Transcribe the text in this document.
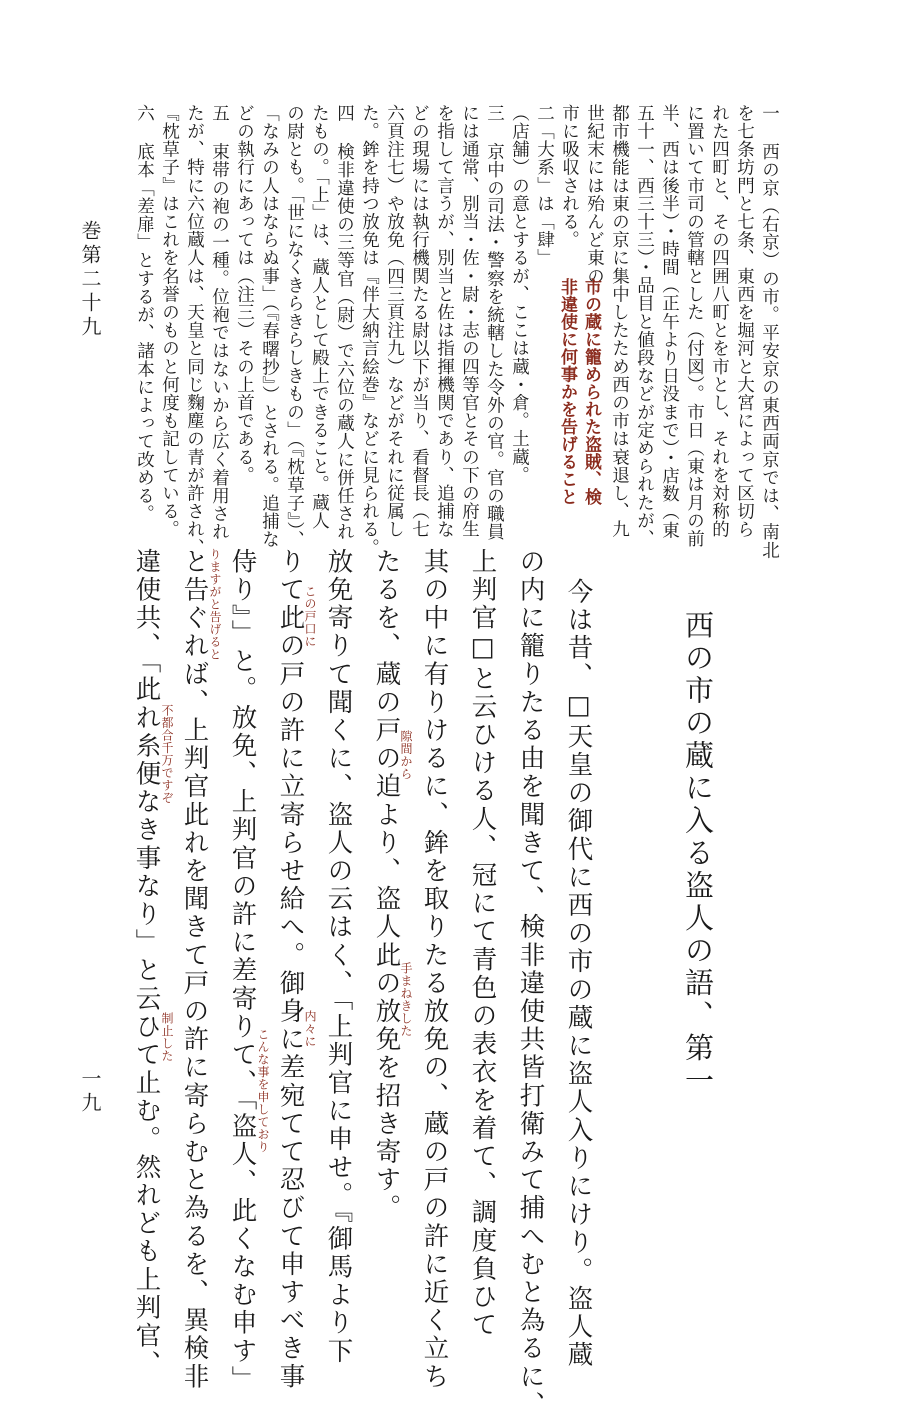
一 西の京（右京）の市。平安京の東西両京では、南北
を七条坊門と七条、東西を堀河と大宮によって区切ら
れた四町と、その四囲八町とを市とし、それを対称的
に置いて市司の管轄とした（付図）。市日（東は月の前
半、西は後半）・時間（正午より日没まで）・店数（東
五十一、西三十三）・品目と値段などが定められたが、
都市機能は東の京に集中したため西の市は衰退し、九
世紀末には殆んど東の
市に吸収される。
二「大系」は「肆」
（店舗）の意とするが、ここは蔵・倉。土蔵。
三 京中の司法・警察を統轄した令外の官。官の職員
には通常、別当・佐・尉・志の四等官とその下の府生
を指して言うが、別当と佐は指揮機関であり、追捕な
どの現場には執行機関たる尉以下が当り、看督長（七
六頁注七）や放免（四三頁注九）などがそれに従属し
た。鉾を持つ放免は『伴大納言絵巻』などに見られる。
四 検非違使の三等官（尉）で六位の蔵人に併任され
たもの。「上」は、蔵人として殿上できること。蔵人
の尉とも。「世になくきらきらしきもの」（『枕草子』）、
「なみの人はならぬ事」（『春曙抄』）とされる。追捕な
どの執行にあっては（注三）その上首である。
五 束帯の袍の一種。位袍ではないから広く着用され
たが、特に六位蔵人は、天皇と同じ麴塵の青が許され、
『枕草子』はこれを名誉のものと何度も記している。
六 底本「差扉」とするが、諸本によって改める。	市の蔵に籠められた盗賊、検
非違使に何事かを告げること
巻第二十九
一九	西の市の蔵に入る盗人の語、第一
今は昔、□天皇の御代に西の市の蔵に盗人入りにけり。盗人蔵
の内に籠りたる由を聞きて、検非違使共皆打衛みて捕へむと為るに、
上判官□と云ひける人、冠にて青色の表衣を着て、調度負ひて
其の中に有りけるに、鉾を取りたる放免の、蔵の戸の許に近く立ち
たるを、蔵の戸の迫より、盗人此の放免を招き寄す。
放免寄りて聞くに、盗人の云はく、「上判官に申せ。『御馬より下
りて此の戸の許に立寄らせ給へ。御身に差宛てて忍びて申すべき事
侍り』」と。放免、上判官の許に差寄りて、「盗人、此くなむ申す」
と告ぐれば、上判官此れを聞きて戸の許に寄らむと為るを、異検非
違使共、「此れ糸便なき事なり」と云ひて止む。然れども上判官、	この戸口に
隙間から
手まねきした
内々に
こんな事を申しており
りますがと告げると
不都合千万ですぞ
制止した
